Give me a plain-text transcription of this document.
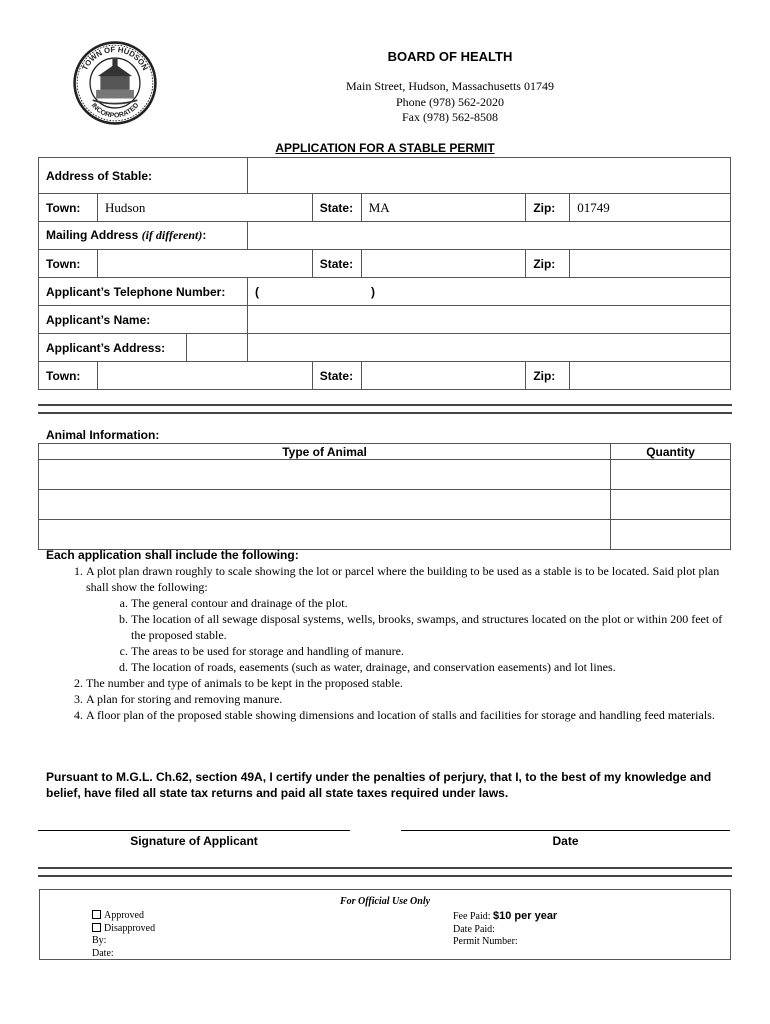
TOWN OF HUDSON
INCORPORATED
BOARD OF HEALTH
Main Street, Hudson, Massachusetts 01749
Phone (978) 562-2020
Fax (978) 562-8508
APPLICATION FOR A STABLE PERMIT
Address of Stable:						
Town:	Hudson		State:	MA	Zip:	01749
Mailing Address (if different):						
Town:			State:		Zip:	
Applicant’s Telephone Number:		( )				
Applicant’s Name:						
Applicant’s Address:						

Town:			State:		Zip:	
Animal Information:
Type of Animal	Quantity

Each application shall include the following:
1. A plot plan drawn roughly to scale showing the lot or parcel where the building to be used as a stable is to be located. Said plot plan shall show the following:
a. The general contour and drainage of the plot.
b. The location of all sewage disposal systems, wells, brooks, swamps, and structures located on the plot or within 200 feet of the proposed stable.
c. The areas to be used for storage and handling of manure.
d. The location of roads, easements (such as water, drainage, and conservation easements) and lot lines.
2. The number and type of animals to be kept in the proposed stable.
3. A plan for storing and removing manure.
4. A floor plan of the proposed stable showing dimensions and location of stalls and facilities for storage and handling feed materials.
Pursuant to M.G.L. Ch.62, section 49A, I certify under the penalties of perjury, that I, to the best of my knowledge and belief, have filed all state tax returns and paid all state taxes required under laws.
Signature of Applicant	Date
For Official Use Only
Approved
Disapproved
By:
Date:
Fee Paid: $10 per year
Date Paid:
Permit Number:
